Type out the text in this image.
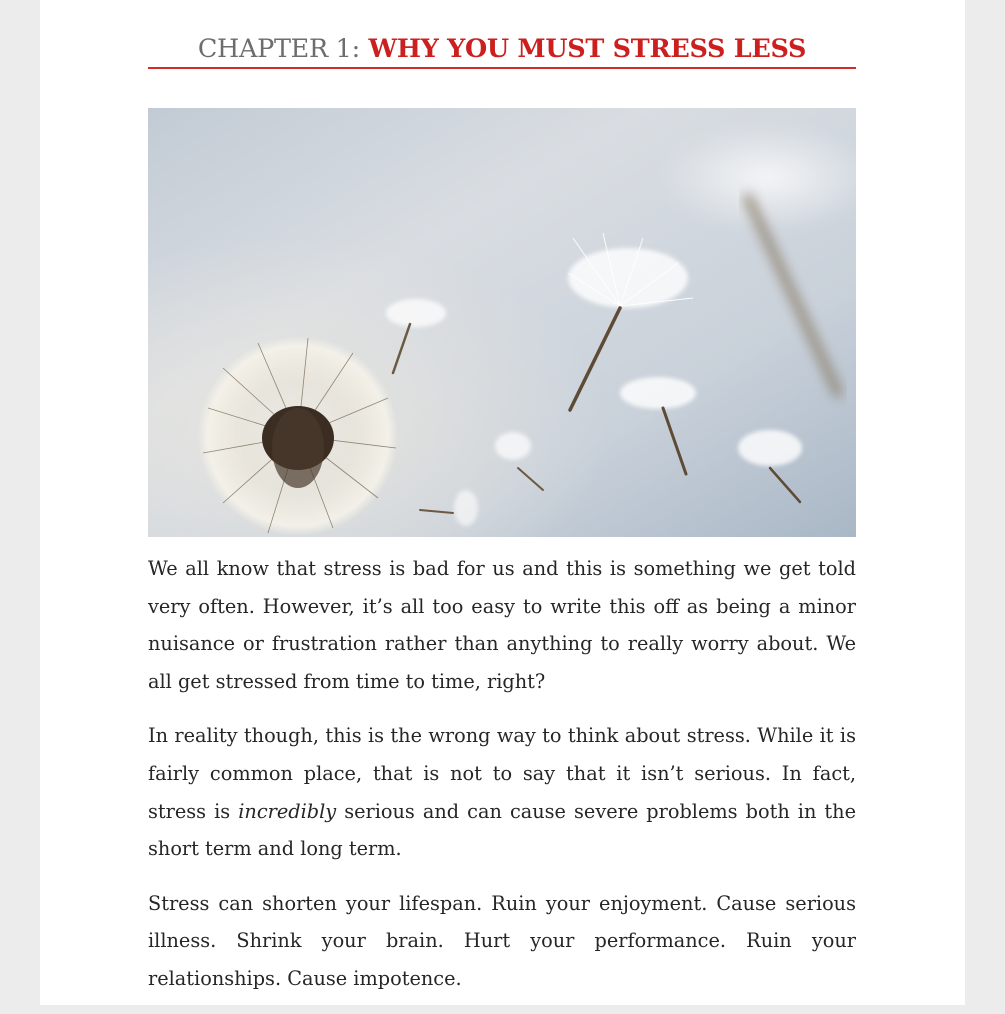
CHAPTER 1: WHY YOU MUST STRESS LESS

We all know that stress is bad for us and this is something we get told very often. However, it’s all too easy to write this off as being a minor nuisance or frustration rather than anything to really worry about. We all get stressed from time to time, right?

In reality though, this is the wrong way to think about stress. While it is fairly common place, that is not to say that it isn’t serious. In fact, stress is incredibly serious and can cause severe problems both in the short term and long term.

Stress can shorten your lifespan. Ruin your enjoyment. Cause serious illness. Shrink your brain. Hurt your performance. Ruin your relationships. Cause impotence.
